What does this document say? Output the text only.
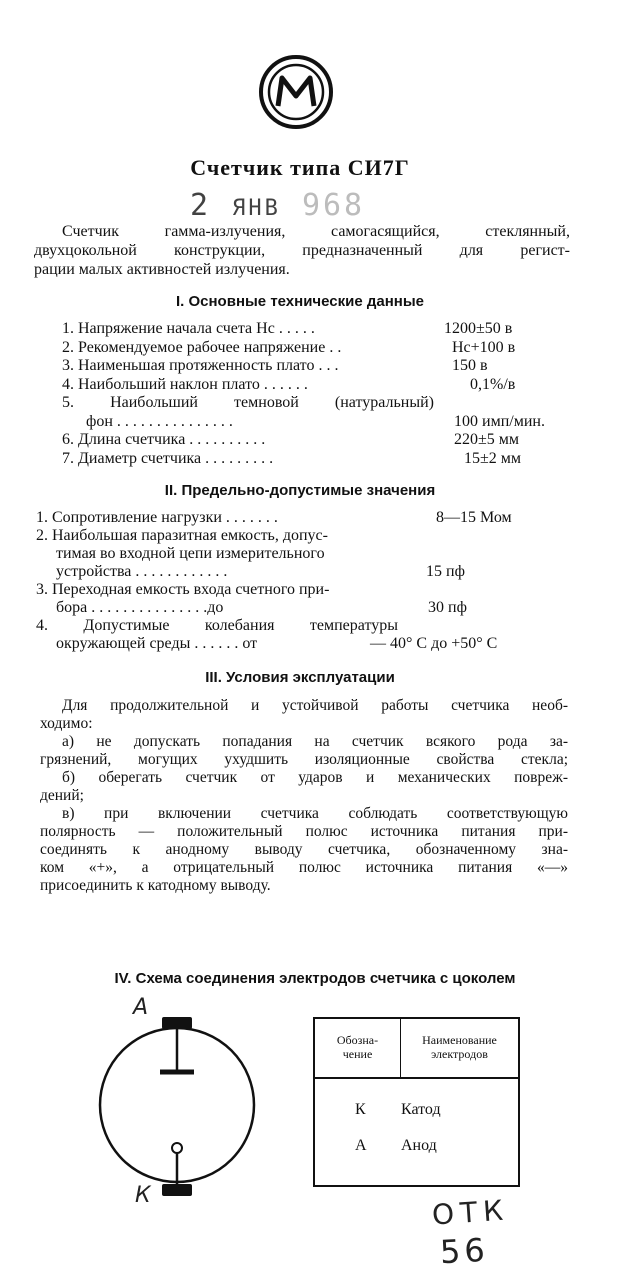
Счетчик типа СИ7Г
2 ЯНВ 968
Счетчик гамма-излучения, самогасящийся, стеклянный,
двухцокольной конструкции, предназначенный для регист-
рации малых активностей излучения.
I. Основные технические данные
1. Напряжение начала счета Нс . . . . .	1200±50 в
2. Рекомендуемое рабочее напряжение . .	Нс+100 в
3. Наименьшая протяженность плато . . .	150 в
4. Наибольший наклон плато . . . . . .	0,1%/в
5. Наибольший темновой (натуральный)
фон . . . . . . . . . . . . . . .	100 имп/мин.
6. Длина счетчика . . . . . . . . . .	220±5 мм
7. Диаметр счетчика . . . . . . . . .	15±2 мм
II. Предельно-допустимые значения
1. Сопротивление нагрузки . . . . . . .	8—15 Мом
2. Наибольшая паразитная емкость, допус-
тимая во входной цепи измерительного
устройства . . . . . . . . . . . .	15 пф
3. Переходная емкость входа счетного при-
бора . . . . . . . . . . . . . . .до	30 пф
4. Допустимые колебания температуры
окружающей среды . . . . . . от	— 40° С до +50° С
III. Условия эксплуатации
Для продолжительной и устойчивой работы счетчика необ-
ходимо:
а) не допускать попадания на счетчик всякого рода за-
грязнений, могущих ухудшить изоляционные свойства стекла;
б) оберегать счетчик от ударов и механических повреж-
дений;
в) при включении счетчика соблюдать соответствующую
полярность — положительный полюс источника питания при-
соединять к анодному выводу счетчика, обозначенному зна-
ком «+», а отрицательный полюс источника питания «—»
присоединить к катодному выводу.
IV. Схема соединения электродов счетчика с цоколем
А
К
Обозна-
чение
Наименование
электродов
К Катод
А Анод
ОТК
56
